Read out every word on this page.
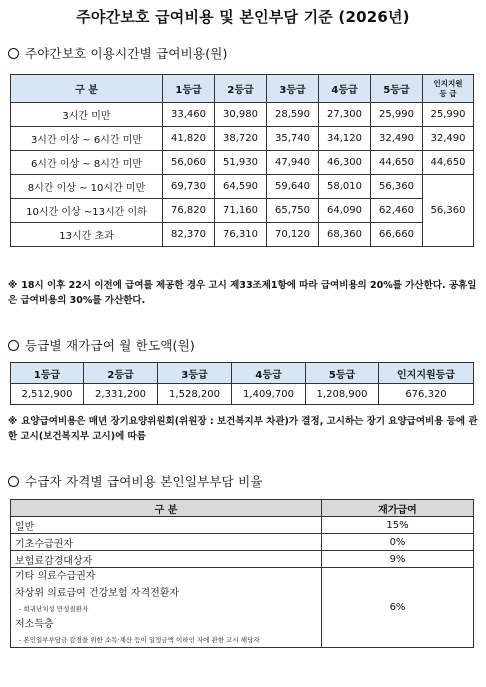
주야간보호 급여비용 및 본인부담 기준 (2026년)
주야간보호 이용시간별 급여비용(원)
구 분	1등급	2등급	3등급	4등급	5등급	인지지원
등 급
3시간 미만	33,460	30,980	28,590	27,300	25,990	25,990
3시간 이상 ~ 6시간 미만	41,820	38,720	35,740	34,120	32,490	32,490
6시간 이상 ~ 8시간 미만	56,060	51,930	47,940	46,300	44,650	44,650
8시간 이상 ~ 10시간 미만	69,730	64,590	59,640	58,010	56,360	56,360
10시간 이상 ~13시간 이하	76,820	71,160	65,750	64,090	62,460	
13시간 초과	82,370	76,310	70,120	68,360	66,660	
※ 18시 이후 22시 이전에 급여를 제공한 경우 고시 제33조제1항에 따라 급여비용의 20%를 가산한다. 공휴일은 급여비용의 30%를 가산한다.
등급별 재가급여 월 한도액(원)
1등급	2등급	3등급	4등급	5등급	인지지원등급
2,512,900	2,331,200	1,528,200	1,409,700	1,208,900	676,320
※ 요양급여비용은 매년 장기요양위원회(위원장 : 보건복지부 차관)가 결정, 고시하는 장기 요양급여비용 등에 관한 고시(보건복지부 고시)에 따름
수급자 자격별 급여비용 본인일부부담 비율
구 분	재가급여
일반	15%
기초수급권자	0%
보험료감경대상자	9%

기타 의료수급권자
차상위 의료급여 건강보험 자격전환자
- 희귀난치성 만성질환자
저소득층
- 본인일부부담금 감경을 위한 소득·재산 등이 일정금액 이하인 자에 관한 고시 해당자	6%
